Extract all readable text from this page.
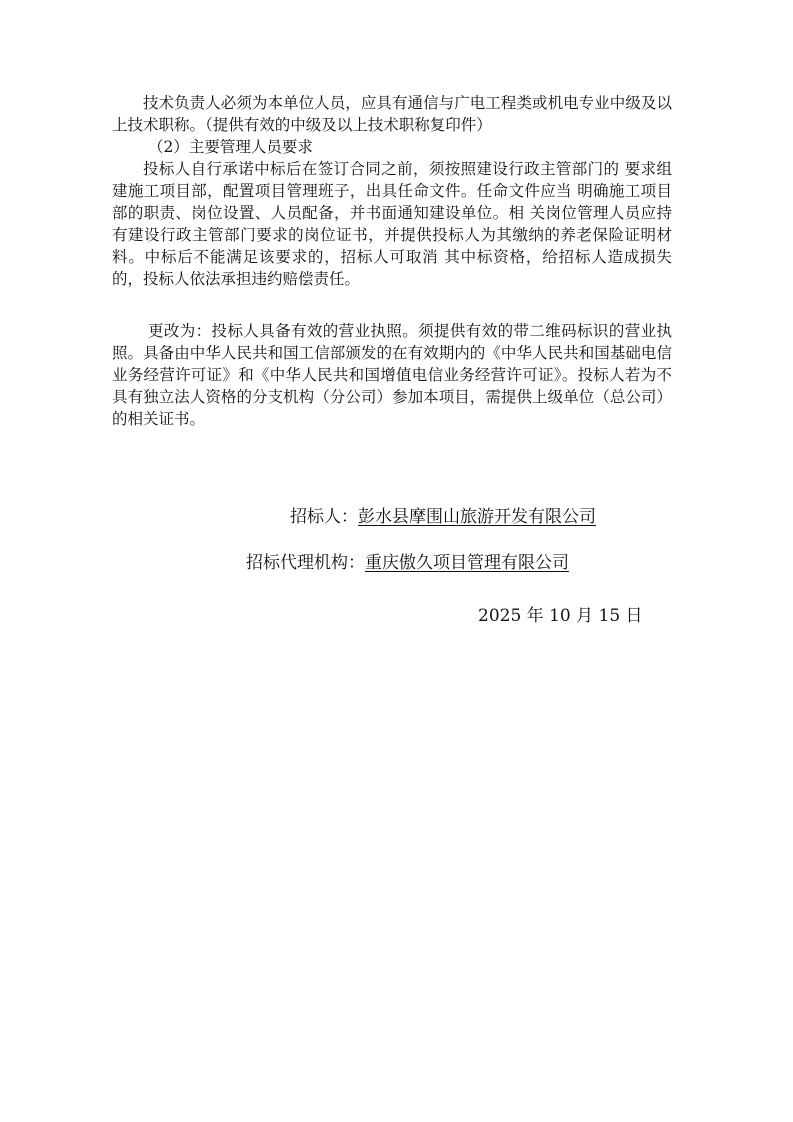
技术负责人必须为本单位人员，应具有通信与广电工程类或机电专业中级及以上技术职称。（提供有效的中级及以上技术职称复印件）

（2）主要管理人员要求

投标人自行承诺中标后在签订合同之前，须按照建设行政主管部门的 要求组建施工项目部，配置项目管理班子，出具任命文件。任命文件应当 明确施工项目部的职责、岗位设置、人员配备，并书面通知建设单位。相 关岗位管理人员应持有建设行政主管部门要求的岗位证书，并提供投标人为其缴纳的养老保险证明材料。中标后不能满足该要求的，招标人可取消 其中标资格，给招标人造成损失的，投标人依法承担违约赔偿责任。

更改为：投标人具备有效的营业执照。须提供有效的带二维码标识的营业执照。具备由中华人民共和国工信部颁发的在有效期内的《中华人民共和国基础电信业务经营许可证》和《中华人民共和国增值电信业务经营许可证》。投标人若为不具有独立法人资格的分支机构（分公司）参加本项目，需提供上级单位（总公司）的相关证书。

招标人：彭水县摩围山旅游开发有限公司
招标代理机构：重庆傲久项目管理有限公司
2025 年 10 月 15 日
